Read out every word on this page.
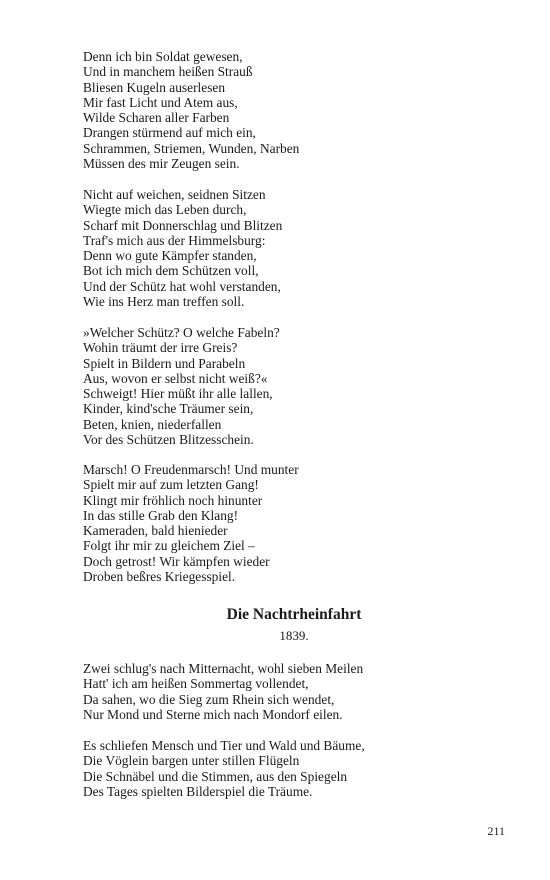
Denn ich bin Soldat gewesen,
Und in manchem heißen Strauß
Bliesen Kugeln auserlesen
Mir fast Licht und Atem aus,
Wilde Scharen aller Farben
Drangen stürmend auf mich ein,
Schrammen, Striemen, Wunden, Narben
Müssen des mir Zeugen sein.
Nicht auf weichen, seidnen Sitzen
Wiegte mich das Leben durch,
Scharf mit Donnerschlag und Blitzen
Traf's mich aus der Himmelsburg:
Denn wo gute Kämpfer standen,
Bot ich mich dem Schützen voll,
Und der Schütz hat wohl verstanden,
Wie ins Herz man treffen soll.
»Welcher Schütz? O welche Fabeln?
Wohin träumt der irre Greis?
Spielt in Bildern und Parabeln
Aus, wovon er selbst nicht weiß?«
Schweigt! Hier müßt ihr alle lallen,
Kinder, kind'sche Träumer sein,
Beten, knien, niederfallen
Vor des Schützen Blitzesschein.
Marsch! O Freudenmarsch! Und munter
Spielt mir auf zum letzten Gang!
Klingt mir fröhlich noch hinunter
In das stille Grab den Klang!
Kameraden, bald hienieder
Folgt ihr mir zu gleichem Ziel –
Doch getrost! Wir kämpfen wieder
Droben beßres Kriegesspiel.
Die Nachtrheinfahrt
1839.
Zwei schlug's nach Mitternacht, wohl sieben Meilen
Hatt' ich am heißen Sommertag vollendet,
Da sahen, wo die Sieg zum Rhein sich wendet,
Nur Mond und Sterne mich nach Mondorf eilen.
Es schliefen Mensch und Tier und Wald und Bäume,
Die Vöglein bargen unter stillen Flügeln
Die Schnäbel und die Stimmen, aus den Spiegeln
Des Tages spielten Bilderspiel die Träume.
211
